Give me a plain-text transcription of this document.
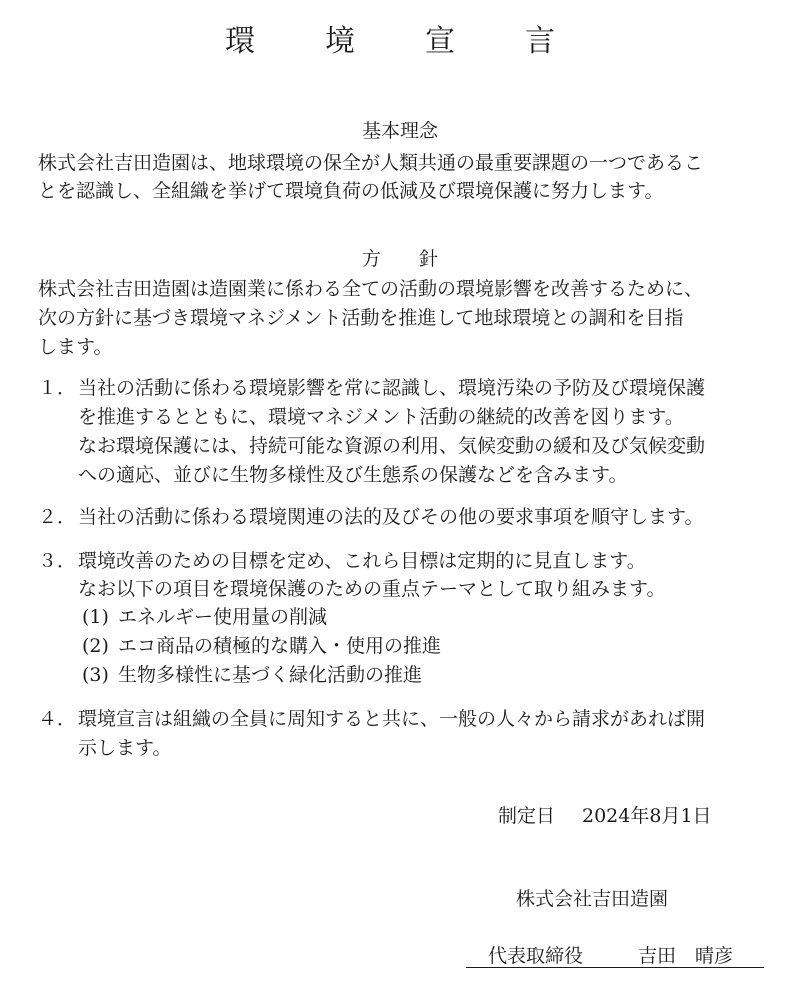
環　境　宣　言
基本理念
株式会社吉田造園は、地球環境の保全が人類共通の最重要課題の一つであるこ
とを認識し、全組織を挙げて環境負荷の低減及び環境保護に努力します。
方　　針
株式会社吉田造園は造園業に係わる全ての活動の環境影響を改善するために、
次の方針に基づき環境マネジメント活動を推進して地球環境との調和を目指
します。
１． 当社の活動に係わる環境影響を常に認識し、環境汚染の予防及び環境保護
を推進するとともに、環境マネジメント活動の継続的改善を図ります。
なお環境保護には、持続可能な資源の利用、気候変動の緩和及び気候変動
への適応、並びに生物多様性及び生態系の保護などを含みます。
２． 当社の活動に係わる環境関連の法的及びその他の要求事項を順守します。
３． 環境改善のための目標を定め、これら目標は定期的に見直します。
なお以下の項目を環境保護のための重点テーマとして取り組みます。
(1) エネルギー使用量の削減
(2) エコ商品の積極的な購入・使用の推進
(3) 生物多様性に基づく緑化活動の推進
４． 環境宣言は組織の全員に周知すると共に、一般の人々から請求があれば開
示します。
制定日 2024年8月1日
株式会社吉田造園
代表取締役	吉田　晴彦
